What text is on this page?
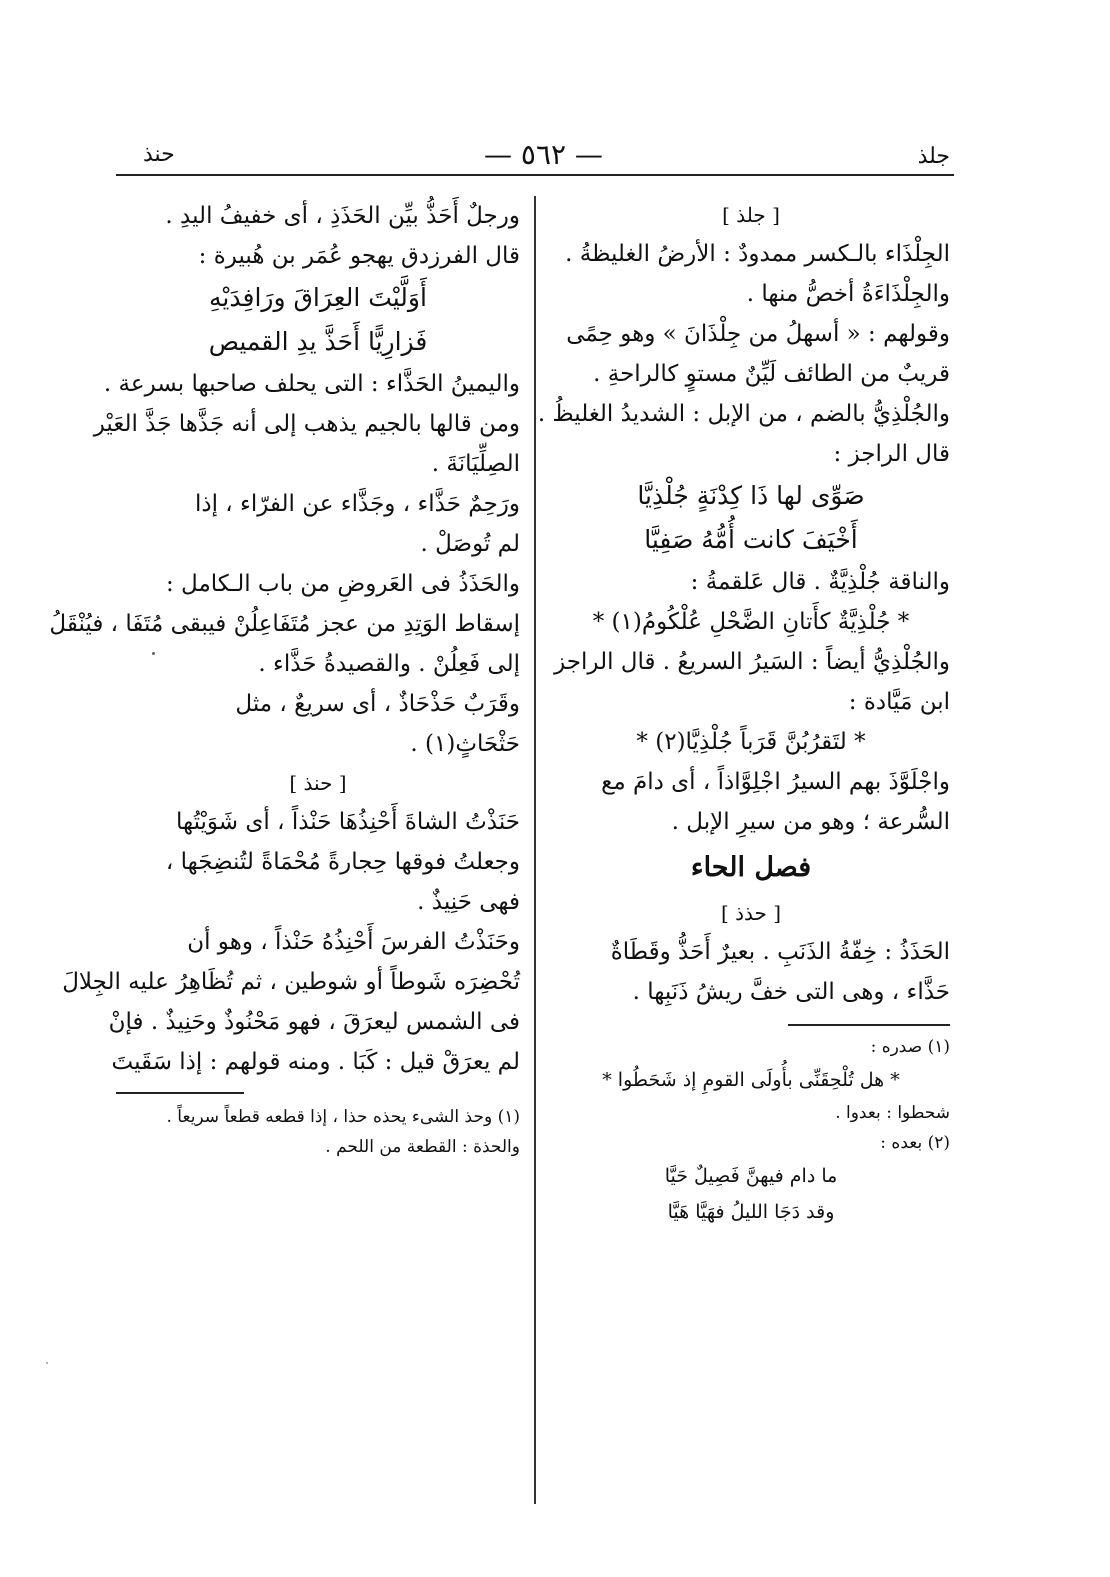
جلذ
— ٥٦٢ —
حنذ
[ جلذ ]
الجِلْذَاء بالـكسر ممدودٌ : الأرضُ الغليظةُ .
والجِلْذَاءَةُ أخصُّ منها .
وقولهم : « أسهلُ من جِلْذَانَ » وهو حِمًى
قريبٌ من الطائف لَيِّنٌ مستوٍ كالراحةِ .
والجُلْذِيُّ بالضم ، من الإبل : الشديدُ الغليظُ .
قال الراجز :
صَوِّى لها ذَا كِدْنَةٍ جُلْذِيَّا
أَخْيَفَ كانت أُمُّهُ صَفِيَّا
والناقة جُلْذِيَّةٌ . قال عَلقمةُ :
* جُلْذِيَّةٌ كأَتانِ الضَّحْلِ عُلْكُومُ(١) *
والجُلْذِيُّ أيضاً : السَيرُ السريعُ . قال الراجز
ابن مَيَّادة :
* لتَقرُبُنَّ قَرَباً جُلْذِيَّا(٢) *
واجْلَوَّذَ بهم السيرُ اجْلِوَّاذاً ، أى دامَ مع
السُّرعة ؛ وهو من سيرِ الإبل .
فصل الحاء
[ حذذ ]
الحَذَذُ : خِفّةُ الذَنَبِ . بعيرٌ أَحَذُّ وقَطَاةٌ
حَذَّاء ، وهى التى خفَّ ريشُ ذَنَبِها .
(١) صدره :
* هل تُلْحِقَنِّى بأُولَى القومِ إذ شَحَطُوا *
شحطوا : بعدوا .
(٢) بعده :
ما دام فيهنَّ فَصِيلٌ حَيَّا
وقد دَجَا الليلُ فهَيَّا هَيَّا
ورجلٌ أَحَذُّ بيِّن الحَذَذِ ، أى خفيفُ اليدِ .
قال الفرزدق يهجو عُمَر بن هُبيرة :
أَوَلَّيْتَ العِرَاقَ ورَافِدَيْهِ
فَزارِيًّا أَحَذَّ يدِ القميص
واليمينُ الحَذَّاء : التى يحلف صاحبها بسرعة .
ومن قالها بالجيم يذهب إلى أنه جَذَّها جَذَّ العَيْر
الصِلِّيَانَةَ .
ورَحِمٌ حَذَّاء ، وجَذَّاء عن الفرّاء ، إذا
لم تُوصَلْ .
والحَذَذُ فى العَروضِ من باب الـكامل :
إسقاط الوَتِدِ من عجز مُتَفَاعِلُنْ فيبقى مُتَفَا ، فيُنْقَلُ
إلى فَعِلُنْ . والقصيدةُ حَذَّاء .
وقَرَبٌ حَذْحَاذٌ ، أى سريعٌ ، مثل
حَثْحَاثٍ(١) .
[ حنذ ]
حَنَذْتُ الشاةَ أَحْنِذُهَا حَنْذاً ، أى شَوَيْتُها
وجعلتُ فوقها حِجارةً مُحْمَاةً لتُنضِجَها ،
فهى حَنِيذٌ .
وحَنَذْتُ الفرسَ أَحْنِذُهُ حَنْذاً ، وهو أن
تُحْضِرَه شَوطاً أو شوطين ، ثم تُظَاهِرُ عليه الجِلالَ
فى الشمس ليعرَقَ ، فهو مَحْنُوذٌ وحَنِيذٌ . فإنْ
لم يعرَقْ قيل : كَبَا . ومنه قولهم : إذا سَقَيتَ
(١) وحذ الشىء يحذه حذا ، إذا قطعه قطعاً سريعاً .
والحذة : القطعة من اللحم .
